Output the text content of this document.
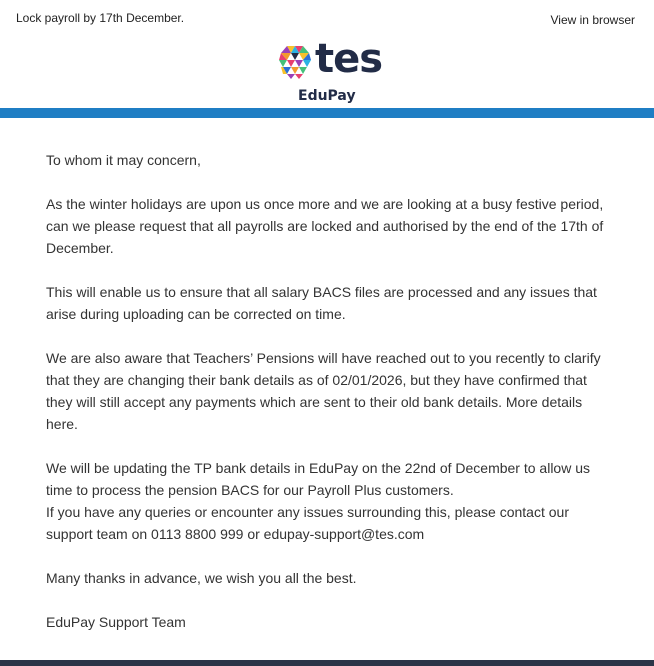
Lock payroll by 17th December.	View in browser
tes
EduPay

To whom it may concern,

As the winter holidays are upon us once more and we are looking at a busy festive period, can we please request that all payrolls are locked and authorised by the end of the 17th of December.

This will enable us to ensure that all salary BACS files are processed and any issues that arise during uploading can be corrected on time.

We are also aware that Teachers’ Pensions will have reached out to you recently to clarify that they are changing their bank details as of 02/01/2026, but they have confirmed that they will still accept any payments which are sent to their old bank details. More details here.

We will be updating the TP bank details in EduPay on the 22nd of December to allow us time to process the pension BACS for our Payroll Plus customers.

If you have any queries or encounter any issues surrounding this, please contact our support team on 0113 8800 999 or edupay-support@tes.com

Many thanks in advance, we wish you all the best.

EduPay Support Team
